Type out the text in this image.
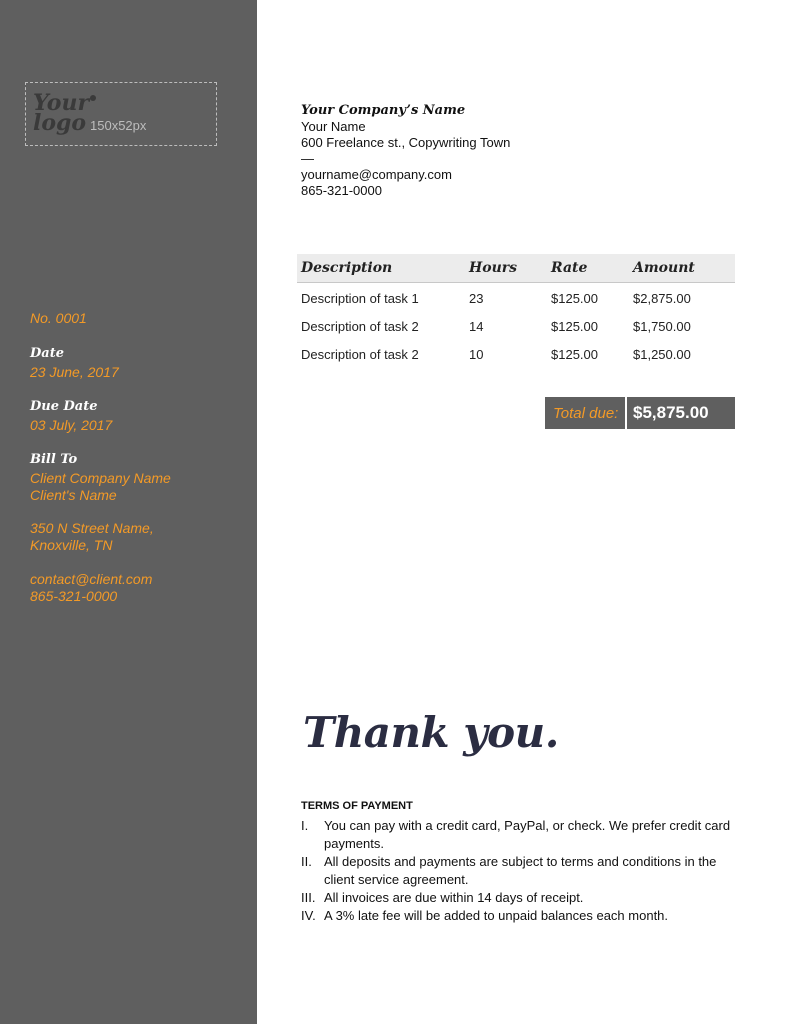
Your
logo 150x52px
No. 0001
Date
23 June, 2017
Due Date
03 July, 2017
Bill To
Client Company Name
Client's Name
350 N Street Name,
Knoxville, TN
contact@client.com
865-321-0000
Your Company’s Name
Your Name
600 Freelance st., Copywriting Town
—
yourname@company.com
865-321-0000
Description	Hours Rate	Amount
Description of task 1	23	$125.00	$2,875.00
Description of task 2	14	$125.00	$1,750.00
Description of task 2	10	$125.00	$1,250.00
Total due: $5,875.00
Thank you.
TERMS OF PAYMENT
I. You can pay with a credit card, PayPal, or check. We prefer credit card payments.
II. All deposits and payments are subject to terms and conditions in the client service agreement.
III. All invoices are due within 14 days of receipt.
IV. A 3% late fee will be added to unpaid balances each month.
